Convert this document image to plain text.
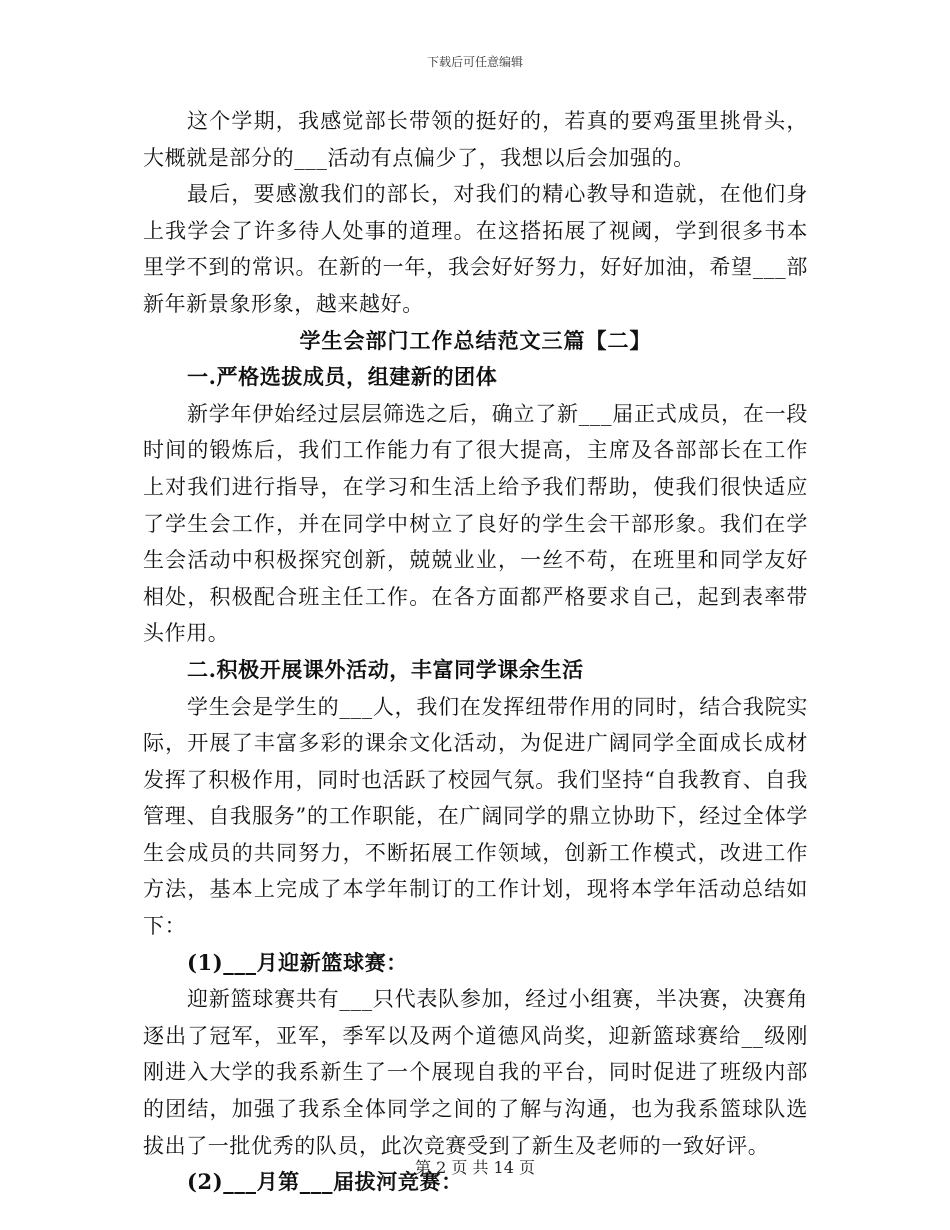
下载后可任意编辑

这个学期，我感觉部长带领的挺好的，若真的要鸡蛋里挑骨头，大概就是部分的___活动有点偏少了，我想以后会加强的。

最后，要感激我们的部长，对我们的精心教导和造就，在他们身上我学会了许多待人处事的道理。在这搭拓展了视阈，学到很多书本里学不到的常识。在新的一年，我会好好努力，好好加油，希望___部新年新景象形象，越来越好。

学生会部门工作总结范文三篇【二】

一.严格选拔成员，组建新的团体

新学年伊始经过层层筛选之后，确立了新___届正式成员，在一段时间的锻炼后，我们工作能力有了很大提高，主席及各部部长在工作上对我们进行指导，在学习和生活上给予我们帮助，使我们很快适应了学生会工作，并在同学中树立了良好的学生会干部形象。我们在学生会活动中积极探究创新，兢兢业业，一丝不苟，在班里和同学友好相处，积极配合班主任工作。在各方面都严格要求自己，起到表率带头作用。

二.积极开展课外活动，丰富同学课余生活

学生会是学生的___人，我们在发挥纽带作用的同时，结合我院实际，开展了丰富多彩的课余文化活动，为促进广阔同学全面成长成材发挥了积极作用，同时也活跃了校园气氛。我们坚持“自我教育、自我管理、自我服务”的工作职能，在广阔同学的鼎立协助下，经过全体学生会成员的共同努力，不断拓展工作领域，创新工作模式，改进工作方法，基本上完成了本学年制订的工作计划，现将本学年活动总结如下：

(1)___月迎新篮球赛：

迎新篮球赛共有___只代表队参加，经过小组赛，半决赛，决赛角逐出了冠军，亚军，季军以及两个道德风尚奖，迎新篮球赛给__级刚刚进入大学的我系新生了一个展现自我的平台，同时促进了班级内部的团结，加强了我系全体同学之间的了解与沟通，也为我系篮球队选拔出了一批优秀的队员，此次竞赛受到了新生及老师的一致好评。

(2)___月第___届拔河竞赛：

第 2 页 共 14 页
